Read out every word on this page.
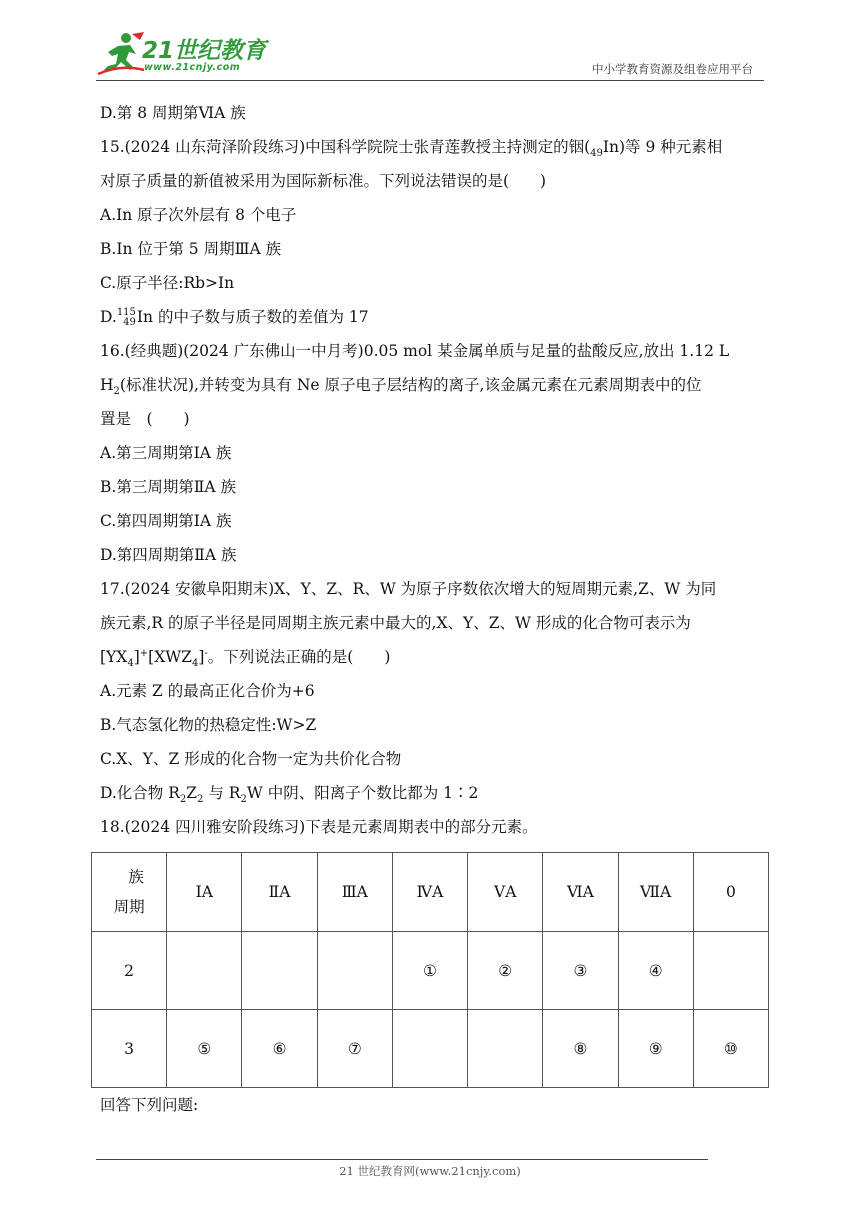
21世纪教育
www.21cnjy.com	中小学教育资源及组卷应用平台
D.第 8 周期第ⅥA 族
15.(2024 山东菏泽阶段练习)中国科学院院士张青莲教授主持测定的铟$(_{49}In)$等 9 种元素相
对原子质量的新值被采用为国际新标准。下列说法错误的是(　　)
A.In 原子次外层有 8 个电子
B.In 位于第 5 周期ⅢA 族
C.原子半径:Rb>In
D. 115
49 In 的中子数与质子数的差值为 17
16.(经典题)(2024 广东佛山一中月考)0.05 mol 某金属单质与足量的盐酸反应,放出 1.12 L
$H_2$(标准状况),并转变为具有 Ne 原子电子层结构的离子,该金属元素在元素周期表中的位
置是　(　　)
A.第三周期第ⅠA 族
B.第三周期第ⅡA 族
C.第四周期第ⅠA 族
D.第四周期第ⅡA 族
17.(2024 安徽阜阳期末)X、Y、Z、R、W 为原子序数依次增大的短周期元素,Z、W 为同
族元素,R 的原子半径是同周期主族元素中最大的,X、Y、Z、W 形成的化合物可表示为
$[YX_4]^+[XWZ_4]^-$。下列说法正确的是(　　)
A.元素 Z 的最高正化合价为+6
B.气态氢化物的热稳定性:W>Z
C.X、Y、Z 形成的化合物一定为共价化合物
D.化合物 $R_2Z_2$ 与 $R_2W$ 中阴、阳离子个数比都为 1∶2
18.(2024 四川雅安阶段练习)下表是元素周期表中的部分元素。
族
周期	ⅠA	ⅡA	ⅢA	ⅣA	ⅤA	ⅥA	ⅦA	0
2				①	②	③	④	
3	⑤	⑥	⑦			⑧	⑨	⑩
回答下列问题:
21 世纪教育网(www.21cnjy.com)
